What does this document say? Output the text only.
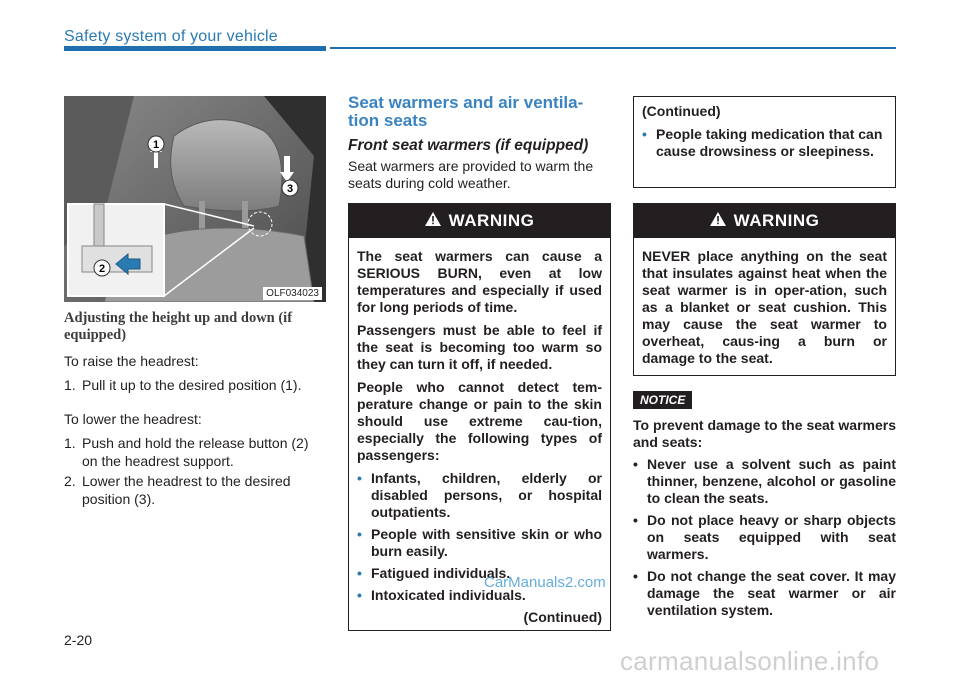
Safety system of your vehicle
1
2
3
OLF034023
Adjusting the height up and down (if equipped)

To raise the headrest:

1. Pull it up to the desired position (1).

To lower the headrest:

1. Push and hold the release button (2) on the headrest support.
2. Lower the headrest to the desired position (3).
Seat warmers and air ventila-tion seats
Front seat warmers (if equipped)
Seat warmers are provided to warm the seats during cold weather.
WARNING

The seat warmers can cause a SERIOUS BURN, even at low temperatures and especially if used for long periods of time.

Passengers must be able to feel if the seat is becoming too warm so they can turn it off, if needed.

People who cannot detect tem-perature change or pain to the skin should use extreme cau-tion, especially the following types of passengers:

• Infants, children, elderly or disabled persons, or hospital outpatients.
• People with sensitive skin or who burn easily.
• Fatigued individuals.
• Intoxicated individuals.
(Continued)
(Continued)
• People taking medication that can cause drowsiness or sleepiness.
WARNING

NEVER place anything on the seat that insulates against heat when the seat warmer is in oper-ation, such as a blanket or seat cushion. This may cause the seat warmer to overheat, caus-ing a burn or damage to the seat.

NOTICE

To prevent damage to the seat warmers and seats:

• Never use a solvent such as paint thinner, benzene, alcohol or gasoline to clean the seats.
• Do not place heavy or sharp objects on seats equipped with seat warmers.
• Do not change the seat cover. It may damage the seat warmer or air ventilation system.
CarManuals2.com
2-20
carmanualsonline.info
